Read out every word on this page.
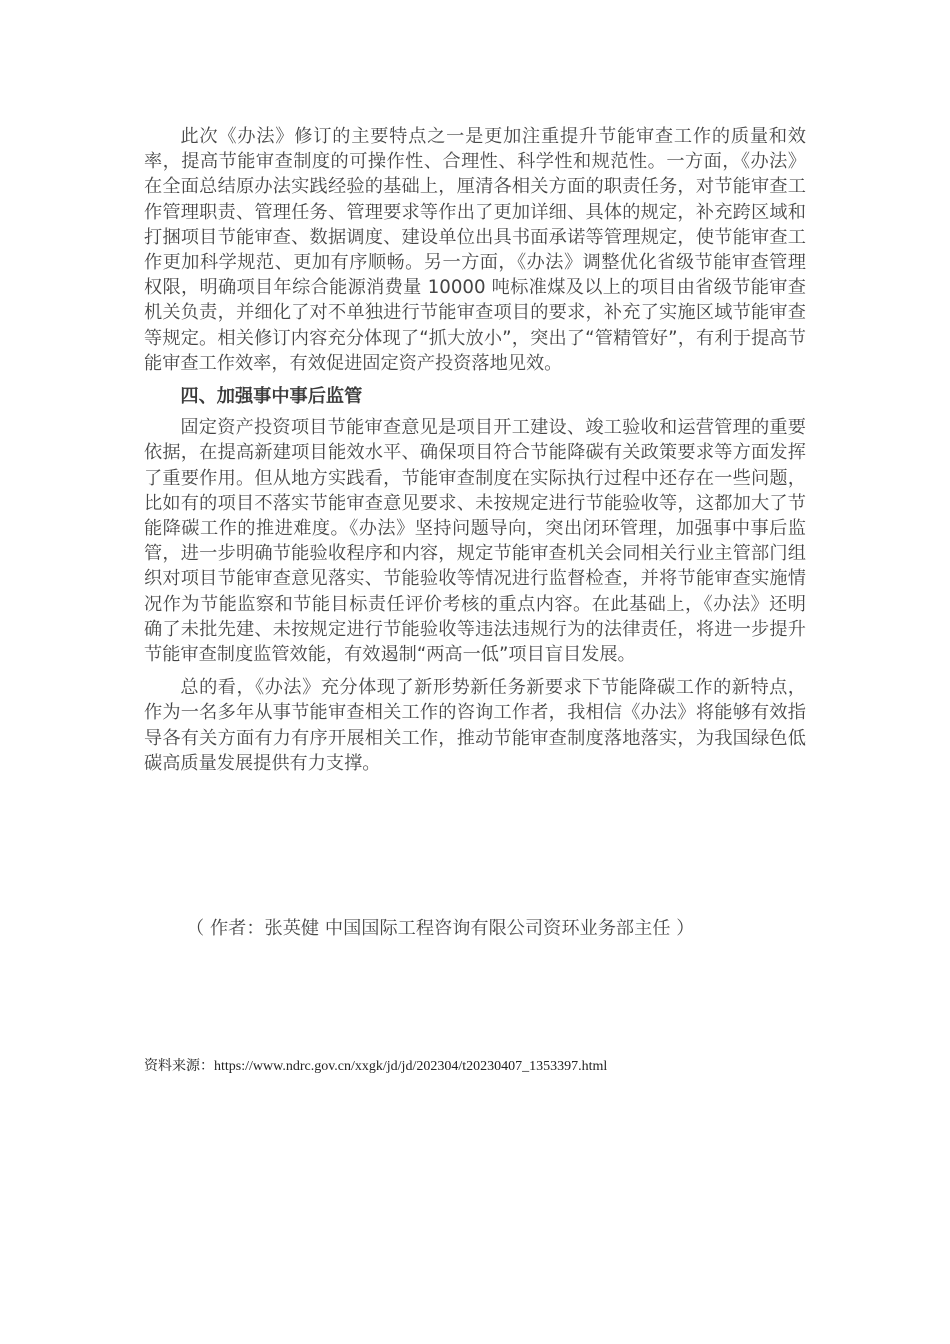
此次《办法》修订的主要特点之一是更加注重提升节能审查工作的质量和效率，提高节能审查制度的可操作性、合理性、科学性和规范性。一方面，《办法》在全面总结原办法实践经验的基础上，厘清各相关方面的职责任务，对节能审查工作管理职责、管理任务、管理要求等作出了更加详细、具体的规定，补充跨区域和打捆项目节能审查、数据调度、建设单位出具书面承诺等管理规定，使节能审查工作更加科学规范、更加有序顺畅。另一方面，《办法》调整优化省级节能审查管理权限，明确项目年综合能源消费量 10000 吨标准煤及以上的项目由省级节能审查机关负责，并细化了对不单独进行节能审查项目的要求，补充了实施区域节能审查等规定。相关修订内容充分体现了“抓大放小”，突出了“管精管好”，有利于提高节能审查工作效率，有效促进固定资产投资落地见效。

四、加强事中事后监管

固定资产投资项目节能审查意见是项目开工建设、竣工验收和运营管理的重要依据，在提高新建项目能效水平、确保项目符合节能降碳有关政策要求等方面发挥了重要作用。但从地方实践看，节能审查制度在实际执行过程中还存在一些问题，比如有的项目不落实节能审查意见要求、未按规定进行节能验收等，这都加大了节能降碳工作的推进难度。《办法》坚持问题导向，突出闭环管理，加强事中事后监管，进一步明确节能验收程序和内容，规定节能审查机关会同相关行业主管部门组织对项目节能审查意见落实、节能验收等情况进行监督检查，并将节能审查实施情况作为节能监察和节能目标责任评价考核的重点内容。在此基础上，《办法》还明确了未批先建、未按规定进行节能验收等违法违规行为的法律责任，将进一步提升节能审查制度监管效能，有效遏制“两高一低”项目盲目发展。

总的看，《办法》充分体现了新形势新任务新要求下节能降碳工作的新特点，作为一名多年从事节能审查相关工作的咨询工作者，我相信《办法》将能够有效指导各有关方面有力有序开展相关工作，推动节能审查制度落地落实，为我国绿色低碳高质量发展提供有力支撑。

（ 作者：张英健 中国国际工程咨询有限公司资环业务部主任 ）
资料来源：https://www.ndrc.gov.cn/xxgk/jd/jd/202304/t20230407_1353397.html
